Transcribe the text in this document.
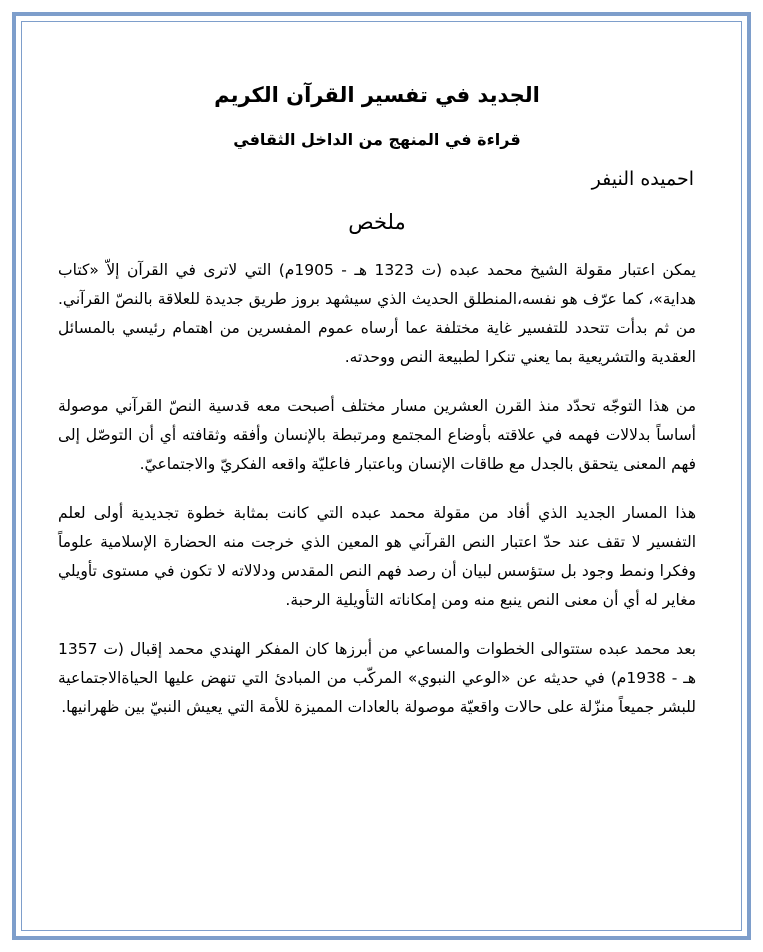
الجديد في تفسير القرآن الكريم
قراءة في المنهج من الداخل الثقافي
احميده النيفر
ملخص

يمكن اعتبار مقولة الشيخ محمد عبده (ت 1323 هـ - 1905م) التي لاترى في القرآن إلاّ «كتاب هداية»، كما عرّف هو نفسه،المنطلق الحديث الذي سيشهد بروز طريق جديدة للعلاقة بالنصّ القرآني. من ثم بدأت تتحدد للتفسير غاية مختلفة عما أرساه عموم المفسرين من اهتمام رئيسي بالمسائل العقدية والتشريعية بما يعني تنكرا لطبيعة النص ووحدته.

من هذا التوجّه تحدّد منذ القرن العشرين مسار مختلف أصبحت معه قدسية النصّ القرآني موصولة أساساً بدلالات فهمه في علاقته بأوضاع المجتمع ومرتبطة بالإنسان وأفقه وثقافته أي أن التوصّل إلى فهم المعنى يتحقق بالجدل مع طاقات الإنسان وباعتبار فاعليّة واقعه الفكريّ والاجتماعيّ.

هذا المسار الجديد الذي أفاد من مقولة محمد عبده التي كانت بمثابة خطوة تجديدية أولى لعلم التفسير لا تقف عند حدّ اعتبار النص القرآني هو المعين الذي خرجت منه الحضارة الإسلامية علوماً وفكرا ونمط وجود بل ستؤسس لبيان أن رصد فهم النص المقدس ودلالاته لا تكون في مستوى تأويلي مغاير له أي أن معنى النص ينبع منه ومن إمكاناته التأويلية الرحبة.

بعد محمد عبده ستتوالى الخطوات والمساعي من أبرزها كان المفكر الهندي محمد إقبال (ت 1357 هـ - 1938م) في حديثه عن «الوعي النبوي» المركّب من المبادئ التي تنهض عليها الحياةالاجتماعية للبشر جميعاً منزّلة على حالات واقعيّة موصولة بالعادات المميزة للأمة التي يعيش النبيّ بين ظهرانيها.
